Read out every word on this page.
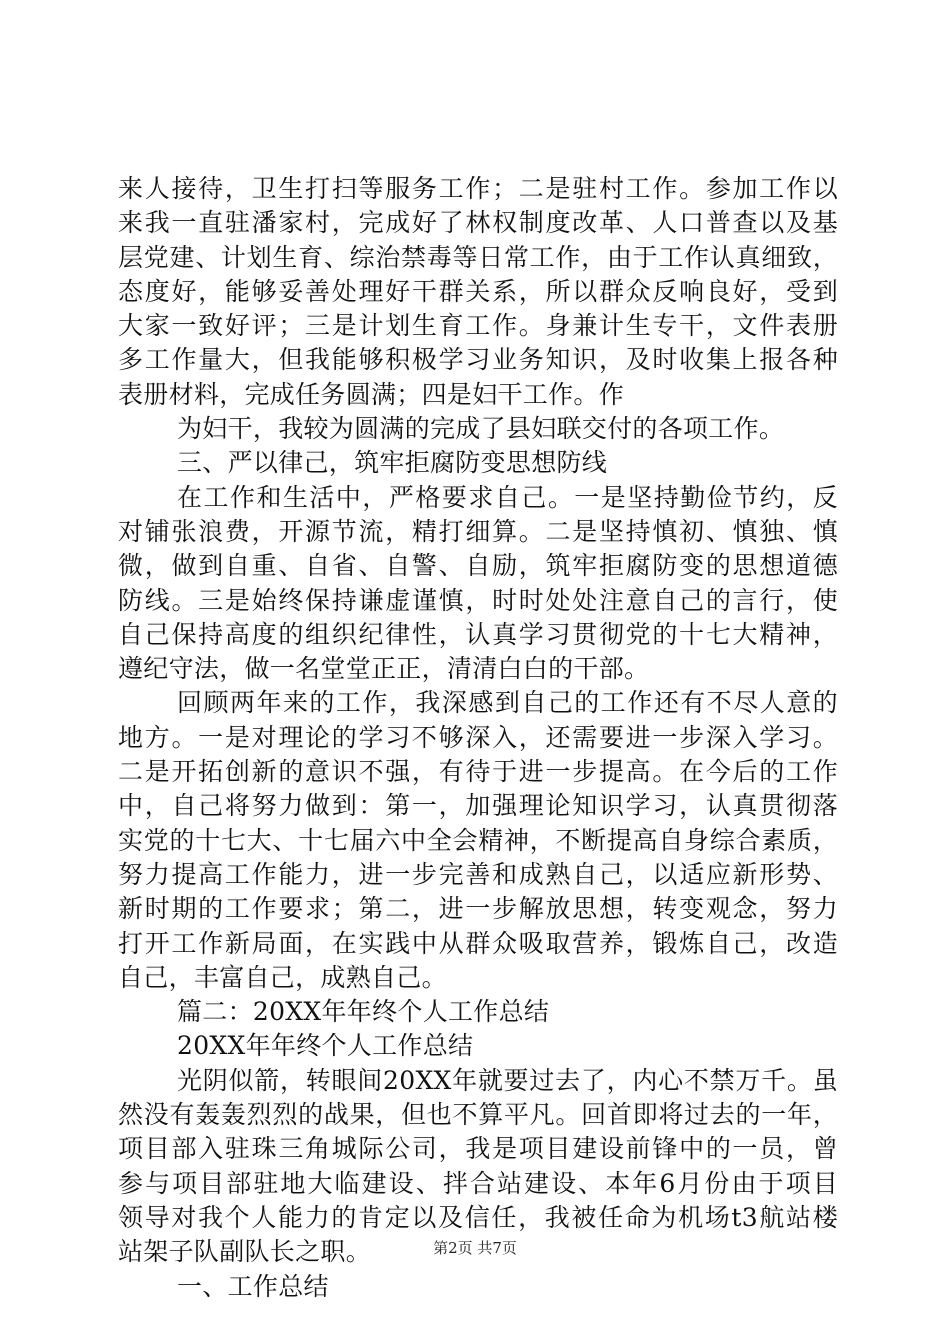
来人接待，卫生打扫等服务工作；二是驻村工作。参加工作以
来我一直驻潘家村，完成好了林权制度改革、人口普查以及基
层党建、计划生育、综治禁毒等日常工作，由于工作认真细致，
态度好，能够妥善处理好干群关系，所以群众反响良好，受到
大家一致好评；三是计划生育工作。身兼计生专干，文件表册
多工作量大，但我能够积极学习业务知识，及时收集上报各种
表册材料，完成任务圆满；四是妇干工作。作
为妇干，我较为圆满的完成了县妇联交付的各项工作。
三、严以律己，筑牢拒腐防变思想防线
在工作和生活中，严格要求自己。一是坚持勤俭节约，反
对铺张浪费，开源节流，精打细算。二是坚持慎初、慎独、慎
微，做到自重、自省、自警、自励，筑牢拒腐防变的思想道德
防线。三是始终保持谦虚谨慎，时时处处注意自己的言行，使
自己保持高度的组织纪律性，认真学习贯彻党的十七大精神，
遵纪守法，做一名堂堂正正，清清白白的干部。
回顾两年来的工作，我深感到自己的工作还有不尽人意的
地方。一是对理论的学习不够深入，还需要进一步深入学习。
二是开拓创新的意识不强，有待于进一步提高。在今后的工作
中，自己将努力做到：第一，加强理论知识学习，认真贯彻落
实党的十七大、十七届六中全会精神，不断提高自身综合素质，
努力提高工作能力，进一步完善和成熟自己，以适应新形势、
新时期的工作要求；第二，进一步解放思想，转变观念，努力
打开工作新局面，在实践中从群众吸取营养，锻炼自己，改造
自己，丰富自己，成熟自己。
篇二：20XX年年终个人工作总结
20XX年年终个人工作总结
光阴似箭，转眼间20XX年就要过去了，内心不禁万千。虽
然没有轰轰烈烈的战果，但也不算平凡。回首即将过去的一年，
项目部入驻珠三角城际公司，我是项目建设前锋中的一员，曾
参与项目部驻地大临建设、拌合站建设、本年6月份由于项目
领导对我个人能力的肯定以及信任，我被任命为机场t3航站楼
站架子队副队长之职。
一、工作总结
第2页 共7页
